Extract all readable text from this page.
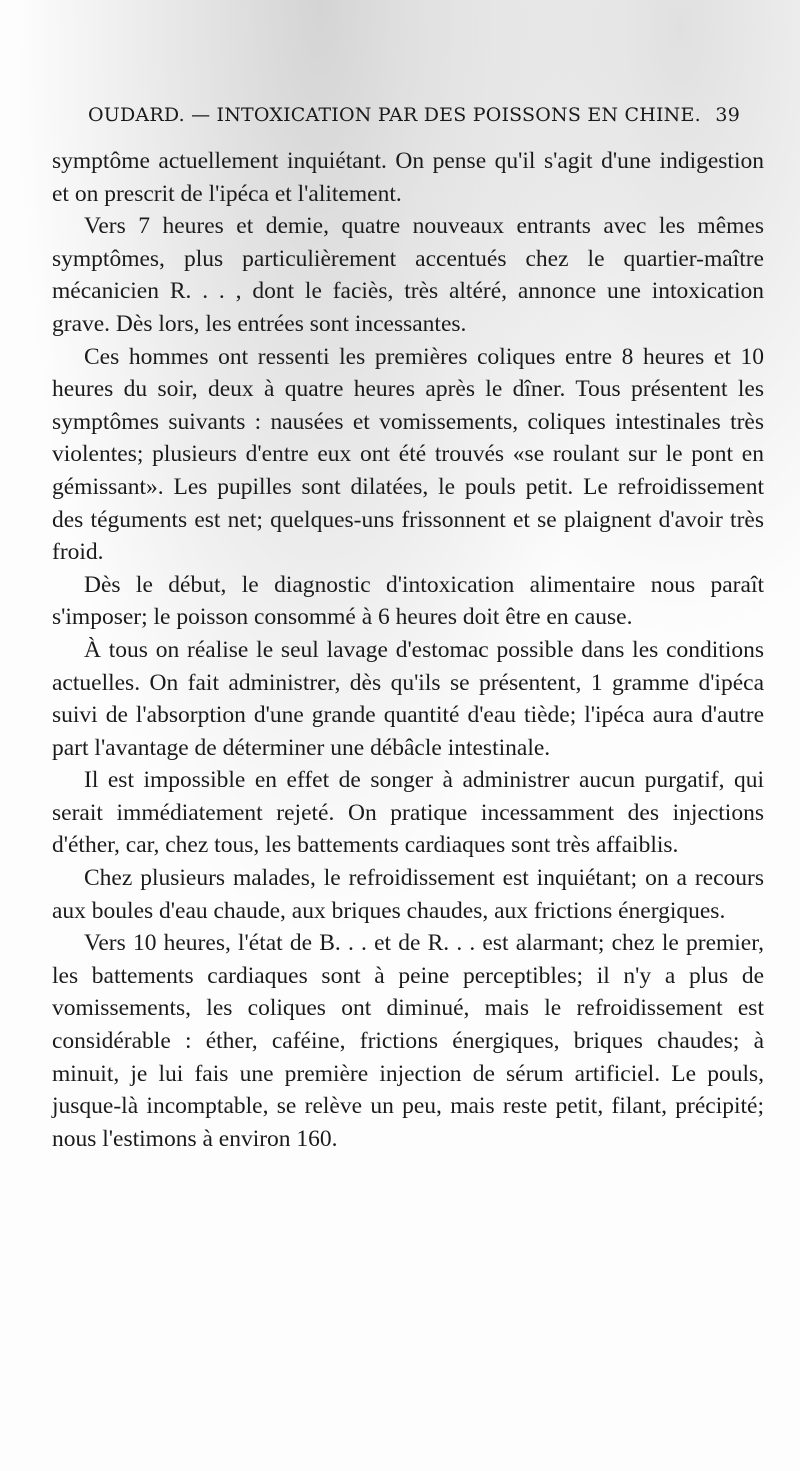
OUDARD. — INTOXICATION PAR DES POISSONS EN CHINE. 39

symptôme actuellement inquiétant. On pense qu'il s'agit d'une indigestion et on prescrit de l'ipéca et l'alitement.

Vers 7 heures et demie, quatre nouveaux entrants avec les mêmes symptômes, plus particulièrement accentués chez le quartier-maître mécanicien R. . . , dont le faciès, très altéré, annonce une intoxication grave. Dès lors, les entrées sont incessantes.

Ces hommes ont ressenti les premières coliques entre 8 heures et 10 heures du soir, deux à quatre heures après le dîner. Tous présentent les symptômes suivants : nausées et vomissements, coliques intestinales très violentes; plusieurs d'entre eux ont été trouvés «se roulant sur le pont en gémissant». Les pupilles sont dilatées, le pouls petit. Le refroidissement des téguments est net; quelques-uns frissonnent et se plaignent d'avoir très froid.

Dès le début, le diagnostic d'intoxication alimentaire nous paraît s'imposer; le poisson consommé à 6 heures doit être en cause.

À tous on réalise le seul lavage d'estomac possible dans les conditions actuelles. On fait administrer, dès qu'ils se présentent, 1 gramme d'ipéca suivi de l'absorption d'une grande quantité d'eau tiède; l'ipéca aura d'autre part l'avantage de déterminer une débâcle intestinale.

Il est impossible en effet de songer à administrer aucun purgatif, qui serait immédiatement rejeté. On pratique incessamment des injections d'éther, car, chez tous, les battements cardiaques sont très affaiblis.

Chez plusieurs malades, le refroidissement est inquiétant; on a recours aux boules d'eau chaude, aux briques chaudes, aux frictions énergiques.

Vers 10 heures, l'état de B. . . et de R. . . est alarmant; chez le premier, les battements cardiaques sont à peine perceptibles; il n'y a plus de vomissements, les coliques ont diminué, mais le refroidissement est considérable : éther, caféine, frictions énergiques, briques chaudes; à minuit, je lui fais une première injection de sérum artificiel. Le pouls, jusque-là incomptable, se relève un peu, mais reste petit, filant, précipité; nous l'estimons à environ 160.
